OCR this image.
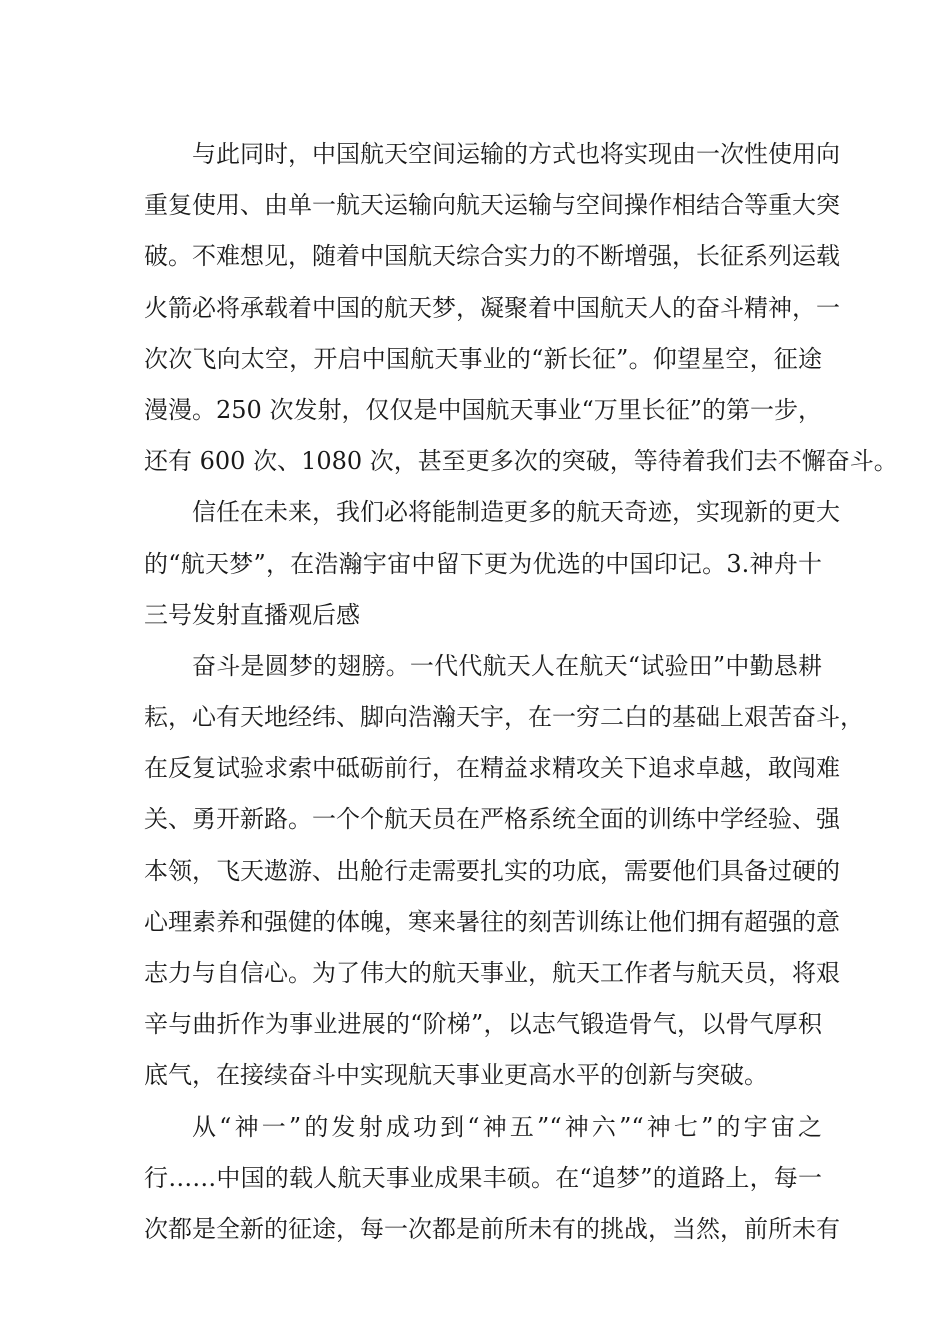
与此同时，中国航天空间运输的方式也将实现由一次性使用向
重复使用、由单一航天运输向航天运输与空间操作相结合等重大突
破。不难想见，随着中国航天综合实力的不断增强，长征系列运载
火箭必将承载着中国的航天梦，凝聚着中国航天人的奋斗精神，一
次次飞向太空，开启中国航天事业的“新长征”。仰望星空，征途
漫漫。250 次发射，仅仅是中国航天事业“万里长征”的第一步，
还有 600 次、1080 次，甚至更多次的突破，等待着我们去不懈奋斗。
信任在未来，我们必将能制造更多的航天奇迹，实现新的更大
的“航天梦”，在浩瀚宇宙中留下更为优选的中国印记。3.神舟十
三号发射直播观后感
奋斗是圆梦的翅膀。一代代航天人在航天“试验田”中勤恳耕
耘，心有天地经纬、脚向浩瀚天宇，在一穷二白的基础上艰苦奋斗，
在反复试验求索中砥砺前行，在精益求精攻关下追求卓越，敢闯难
关、勇开新路。一个个航天员在严格系统全面的训练中学经验、强
本领，飞天遨游、出舱行走需要扎实的功底，需要他们具备过硬的
心理素养和强健的体魄，寒来暑往的刻苦训练让他们拥有超强的意
志力与自信心。为了伟大的航天事业，航天工作者与航天员，将艰
辛与曲折作为事业进展的“阶梯”，以志气锻造骨气，以骨气厚积
底气，在接续奋斗中实现航天事业更高水平的创新与突破。
从“神一”的发射成功到“神五”“神六”“神七”的宇宙之
行……中国的载人航天事业成果丰硕。在“追梦”的道路上，每一
次都是全新的征途，每一次都是前所未有的挑战，当然，前所未有
